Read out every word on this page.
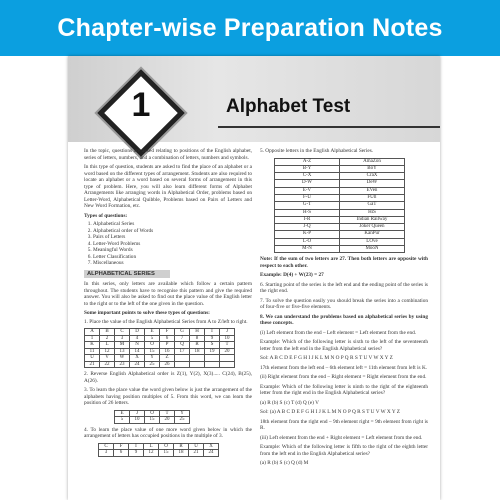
Chapter-wise Preparation Notes
1	Alphabet Test

In the topic, questions are asked relating to positions of the English alphabet, series of letters, numbers, and a combination of letters, numbers and symbols.

In this type of question, students are asked to find the place of an alphabet or a word based on the different types of arrangement. Students are also required to locate an alphabet or a word based on several forms of arrangement in this type of problem. Here, you will also learn different forms of Alphabet Arrangements like arranging words in Alphabetical Order, problems based on Letter-Word, Alphabetical Quibble, Problems based on Pairs of Letters and New Word Formation, etc.

Types of questions:
1. Alphabetical Series
2. Alphabetical order of Words
3. Pairs of Letters
4. Letter-Word Problems
5. Meaningful Words
6. Letter Classification
7. Miscellaneous
ALPHABETICAL SERIES

In this series, only letters are available which follow a certain pattern throughout. The students have to recognise this pattern and give the required answer. You will also be asked to find out the place value of the English letter to the right or to the left of the one given in the question.

Some important points to solve these types of questions:

1. Place the value of the English Alphabetical Series from A to Z/left to right.

A	B	C	D	E	F	G	H	I	J
1	2	3	4	5	6	7	8	9	10
K	L	M	N	O	P	Q	R	S	T
11	12	13	14	15	16	17	18	19	20
U	V	W	X	Y	Z				
21	22	23	24	25	26				

2. Reverse English Alphabetical order is Z(1), Y(2), X(3)..... C(24), B(25), A(26).

3. To learn the place value the word given below is just the arrangement of the alphabets having position multiples of 5. From this word, we can learn the position of 26 letters.

E	J	O	T	Y
5	10	15	20	25

4. To learn the place value of one more word given below in which the arrangement of letters has occupied positions in the multiple of 3.

C	F	I	L	O	R	U	X
3	6	9	12	15	18	21	24

5. Opposite letters in the English Alphabetical Series.

A-Z	AmaZon
B-Y	BoY
C-X	CraX
D-W	DeW
E-V	EVen
F-U	FUll
G-T	GaT
H-S	HiS
I-R	Indian Railway
J-Q	Joker Queen
K-P	KanPur
L-O	LOve
M-N	MooN

Note: If the sum of two letters are 27. Then both letters are opposite with respect to each other.

Example: D(4) + W(23) = 27

6. Starting point of the series is the left end and the ending point of the series is the right end.

7. To solve the question easily you should break the series into a combination of four-five or five-five elements.

8. We can understand the problems based on alphabetical series by using these concepts.

(i) Left element from the end – Left element = Left element from the end.

Example: Which of the following letter is sixth to the left of the seventeenth letter from the left end in the English Alphabetical series?

Sol: A B C D E F G H I J K L M N O P Q R S T U V W X Y Z

17th element from the left end – 6th element left = 11th element from left is K.

(ii) Right element from the end – Right element = Right element from the end.

Example: Which of the following letter is ninth to the right of the eighteenth letter from the right end in the English Alphabetical series?

(a) R (b) S (c) T (d) Q (e) V

Sol: (a) A B C D E F G H I J K L M N O P Q R S T U V W X Y Z

18th element from the right end – 9th element right = 9th element from right is R.

(iii) Left element from the end + Right element = Left element from the end.

Example: Which of the following letter is fifth to the right of the eighth letter from the left end in the English Alphabetical series?

(a) R (b) S (c) Q (d) M
